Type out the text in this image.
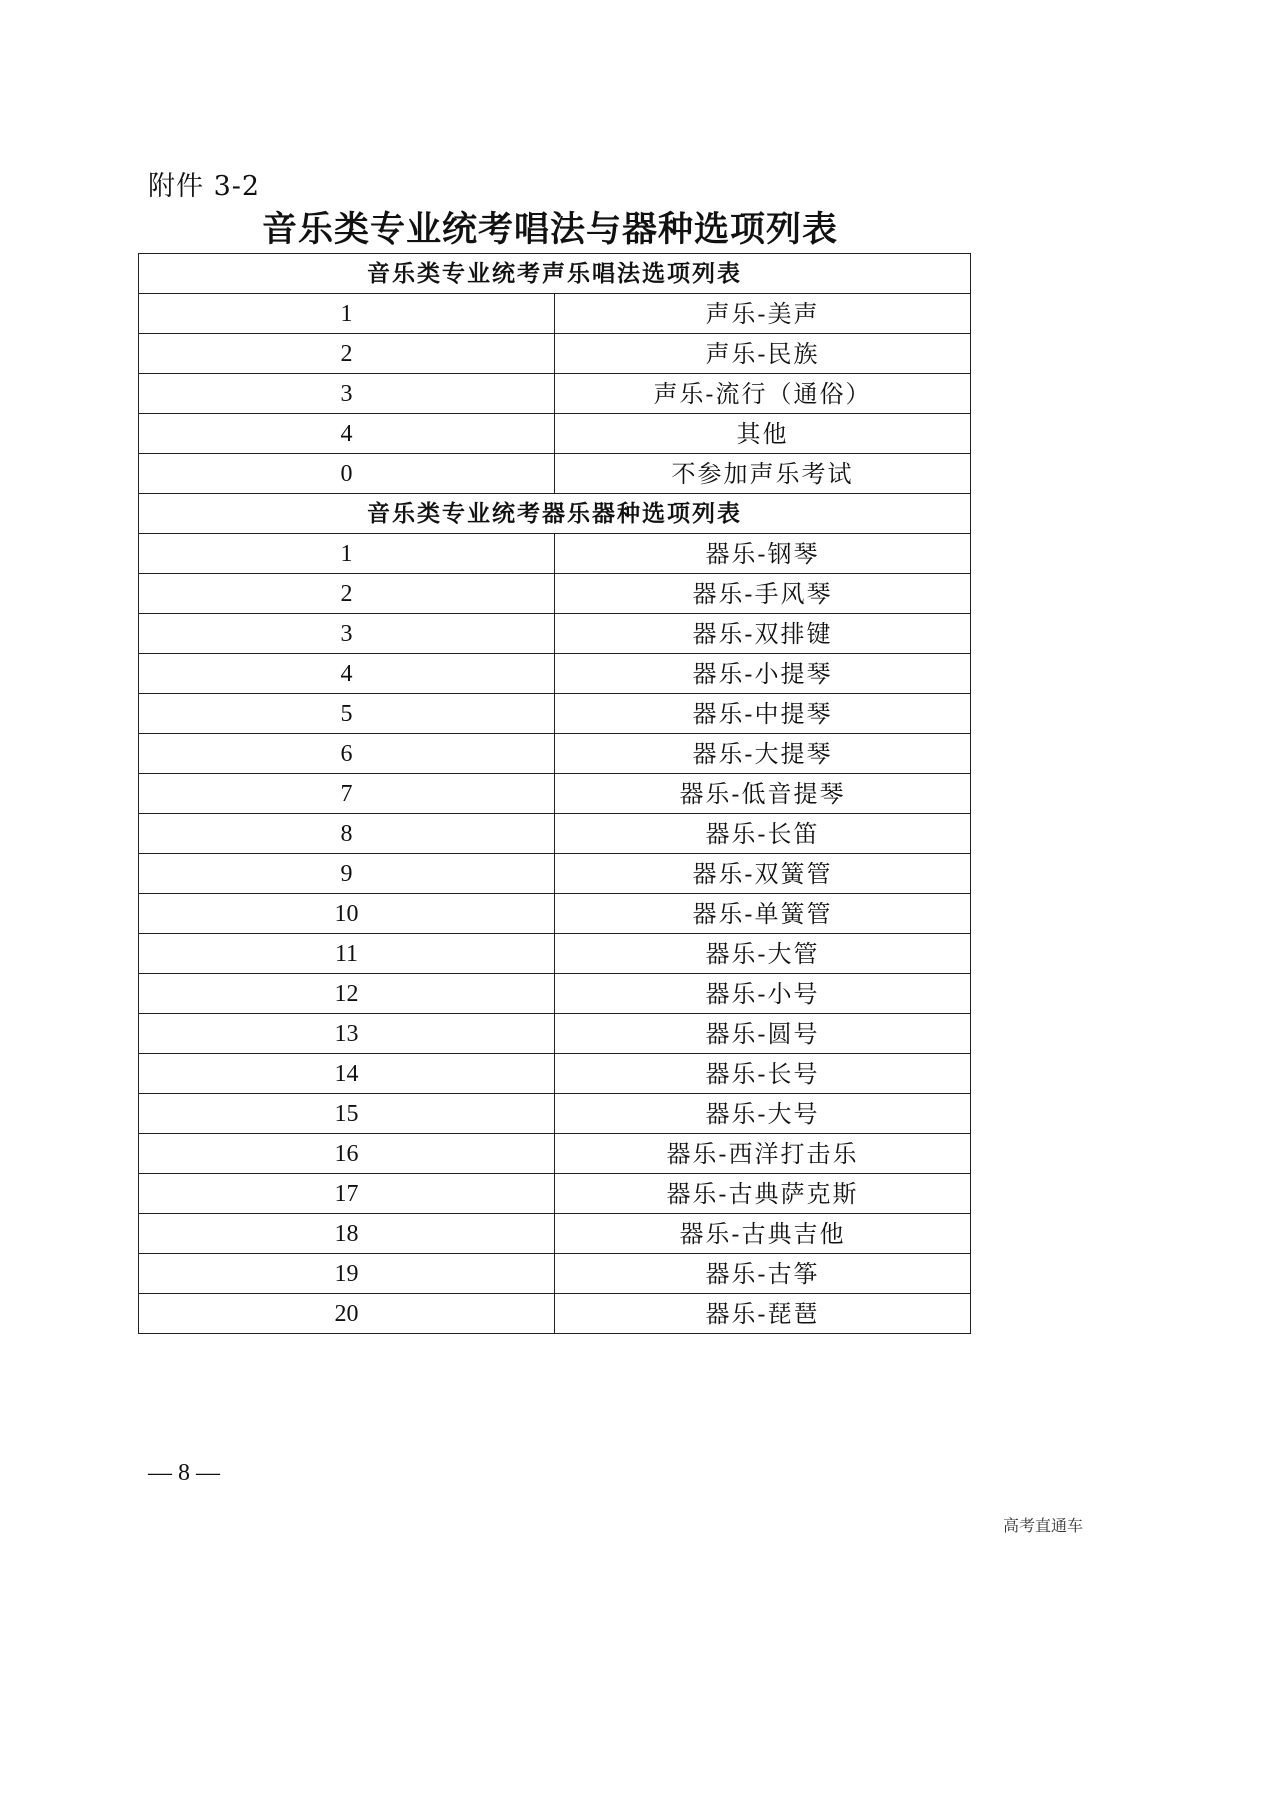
附件 3-2
音乐类专业统考唱法与器种选项列表
音乐类专业统考声乐唱法选项列表	
1	声乐-美声
2	声乐-民族
3	声乐-流行（通俗）
4	其他
0	不参加声乐考试
音乐类专业统考器乐器种选项列表	
1	器乐-钢琴
2	器乐-手风琴
3	器乐-双排键
4	器乐-小提琴
5	器乐-中提琴
6	器乐-大提琴
7	器乐-低音提琴
8	器乐-长笛
9	器乐-双簧管
10	器乐-单簧管
11	器乐-大管
12	器乐-小号
13	器乐-圆号
14	器乐-长号
15	器乐-大号
16	器乐-西洋打击乐
17	器乐-古典萨克斯
18	器乐-古典吉他
19	器乐-古筝
20	器乐-琵琶
— 8 —
高考直通车
